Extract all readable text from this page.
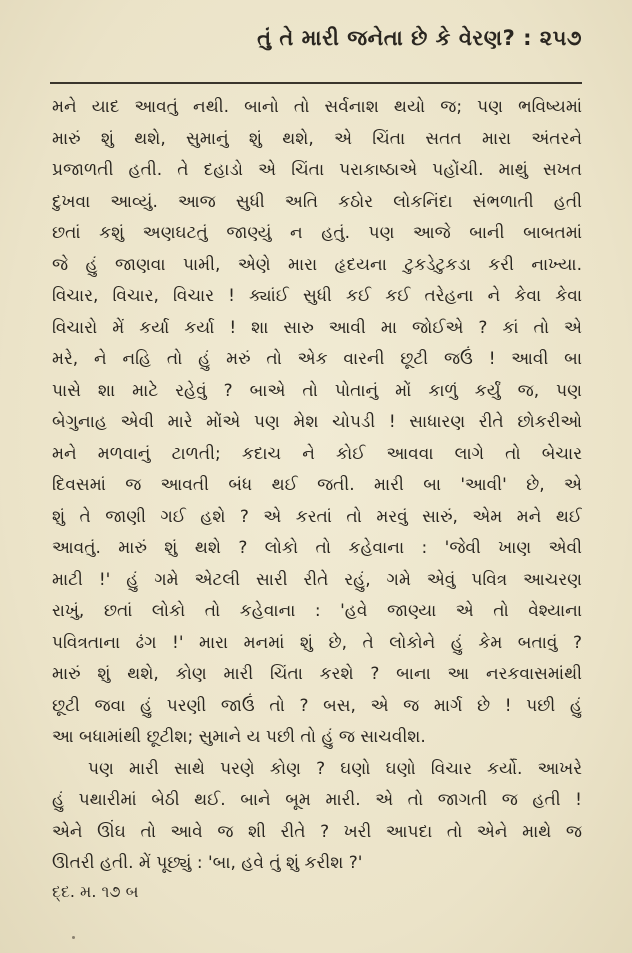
તું તે મારી જનેતા છે કે વેરણ? : ૨૫૭
મને યાદ આવતું નથી. બાનો તો સર્વનાશ થયો જ; પણ ભવિષ્યમાં
મારું શું થશે, સુમાનું શું થશે, એ ચિંતા સતત મારા અંતરને
પ્રજાળતી હતી. તે દહાડો એ ચિંતા પરાકાષ્ઠાએ પહોંચી. માથું સખત
દુખવા આવ્યું. આજ સુધી અતિ કઠોર લોકનિંદા સંભળાતી હતી
છતાં કશું અણઘટતું જાણ્યું ન હતું. પણ આજે બાની બાબતમાં
જે હું જાણવા પામી, એણે મારા હૃદયના ટુકડેટુકડા કરી નાખ્યા.
વિચાર, વિચાર, વિચાર ! ક્યાંઈ સુધી કઈ કઈ તરેહના ને કેવા કેવા
વિચારો મેં કર્યા કર્યા ! શા સારુ આવી મા જોઈએ ? કાં તો એ
મરે, ને નહિ તો હું મરું તો એક વારની છૂટી જઉં ! આવી બા
પાસે શા માટે રહેવું ? બાએ તો પોતાનું મોં કાળું કર્યું જ, પણ
બેગુનાહ એવી મારે મોંએ પણ મેશ ચોપડી ! સાધારણ રીતે છોકરીઓ
મને મળવાનું ટાળતી; કદાચ ને કોઈ આવવા લાગે તો બેચાર
દિવસમાં જ આવતી બંધ થઈ જતી. મારી બા 'આવી' છે, એ
શું તે જાણી ગઈ હશે ? એ કરતાં તો મરવું સારું, એમ મને થઈ
આવતું. મારું શું થશે ? લોકો તો કહેવાના : 'જેવી ખાણ એવી
માટી !' હું ગમે એટલી સારી રીતે રહું, ગમે એવું પવિત્ર આચરણ
રાખું, છતાં લોકો તો કહેવાના : 'હવે જાણ્યા એ તો વેશ્યાના
પવિત્રતાના ઢંગ !' મારા મનમાં શું છે, તે લોકોને હું કેમ બતાવું ?
મારું શું થશે, કોણ મારી ચિંતા કરશે ? બાના આ નરકવાસમાંથી
છૂટી જવા હું પરણી જાઉં તો ? બસ, એ જ માર્ગ છે ! પછી હું
આ બધામાંથી છૂટીશ; સુમાને ય પછી તો હું જ સાચવીશ.
પણ મારી સાથે પરણે કોણ ? ઘણો ઘણો વિચાર કર્યો. આખરે
હું પથારીમાં બેઠી થઈ. બાને બૂમ મારી. એ તો જાગતી જ હતી !
એને ઊંઘ તો આવે જ શી રીતે ? ખરી આપદા તો એને માથે જ
ઊતરી હતી. મેં પૂછ્યું : 'બા, હવે તું શું કરીશ ?'
દ્દ. મ. ૧૭ બ
